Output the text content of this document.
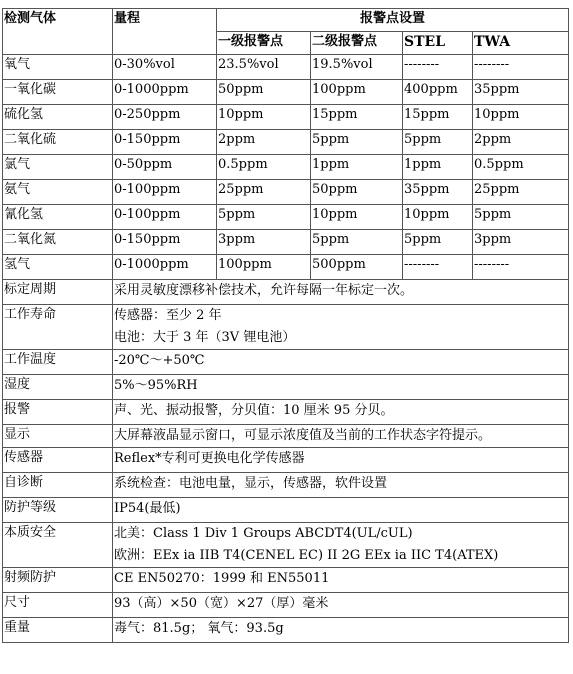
检测气体	量程	报警点设置			
		一级报警点	二级报警点	STEL	TWA
氧气	0-30%vol	23.5%vol	19.5%vol	--------	--------
一氧化碳	0-1000ppm	50ppm	100ppm	400ppm	35ppm
硫化氢	0-250ppm	10ppm	15ppm	15ppm	10ppm
二氧化硫	0-150ppm	2ppm	5ppm	5ppm	2ppm
氯气	0-50ppm	0.5ppm	1ppm	1ppm	0.5ppm
氨气	0-100ppm	25ppm	50ppm	35ppm	25ppm
氰化氢	0-100ppm	5ppm	10ppm	10ppm	5ppm
二氧化氮	0-150ppm	3ppm	5ppm	5ppm	3ppm
氢气	0-1000ppm	100ppm	500ppm	--------	--------
标定周期	采用灵敏度漂移补偿技术，允许每隔一年标定一次。				

工作寿命	传感器：至少 2 年
电池：大于 3 年（3V 锂电池）				

工作温度	-20℃～+50℃				

湿度	5%～95%RH				

报警	声、光、振动报警，分贝值：10 厘米 95 分贝。				

显示	大屏幕液晶显示窗口，可显示浓度值及当前的工作状态字符提示。				

传感器	Reflex*专利可更换电化学传感器				

自诊断	系统检查：电池电量，显示，传感器，软件设置				

防护等级	IP54(最低)				

本质安全	北美：Class 1 Div 1 Groups ABCDT4(UL/cUL)
欧洲：EEx ia IIB T4(CENEL EC) II 2G EEx ia IIC T4(ATEX)				

射频防护	CE EN50270：1999 和 EN55011				

尺寸	93（高）×50（宽）×27（厚）毫米				

重量	毒气：81.5g； 氧气：93.5g				
